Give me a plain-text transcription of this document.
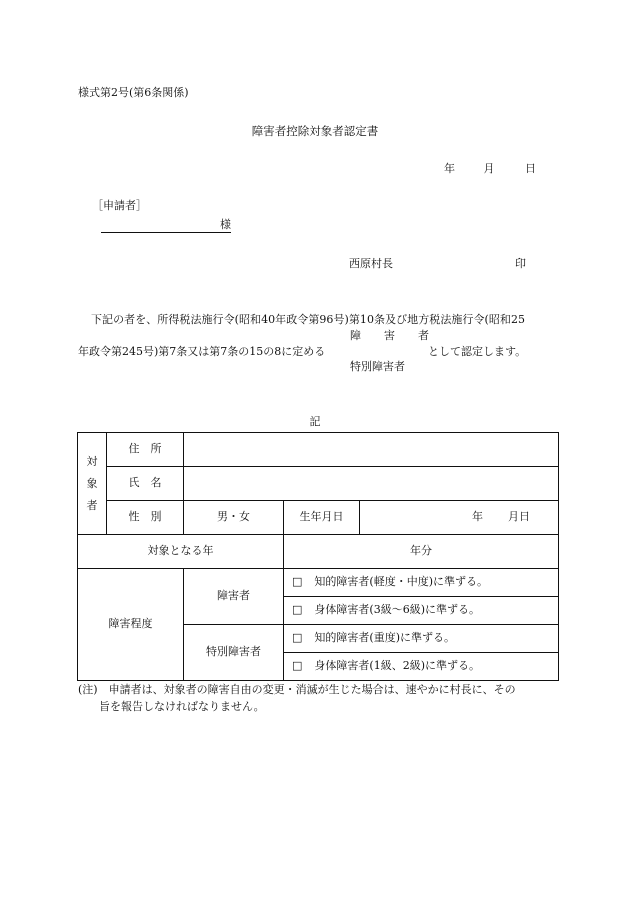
様式第2号(第6条関係)
障害者控除対象者認定書
年	月	日
［申請者］
様
西原村長	印
下記の者を、所得税法施行令(昭和40年政令第96号)第10条及び地方税法施行令(昭和25
障　害　者
年政令第245号)第7条又は第7条の15の8に定める	として認定します。
特別障害者
記
対
象
者	住　所			
	氏　名			
	性　別	男・女	生年月日	年 月日
対象となる年			年分	
障害程度		障害者	□ 知的障害者(軽度・中度)に準ずる。	
			□ 身体障害者(3級〜6級)に準ずる。	
		特別障害者	□ 知的障害者(重度)に準ずる。	
			□ 身体障害者(1級、2級)に準ずる。	
(注)　申請者は、対象者の障害自由の変更・消滅が生じた場合は、速やかに村長に、その
旨を報告しなければなりません。
